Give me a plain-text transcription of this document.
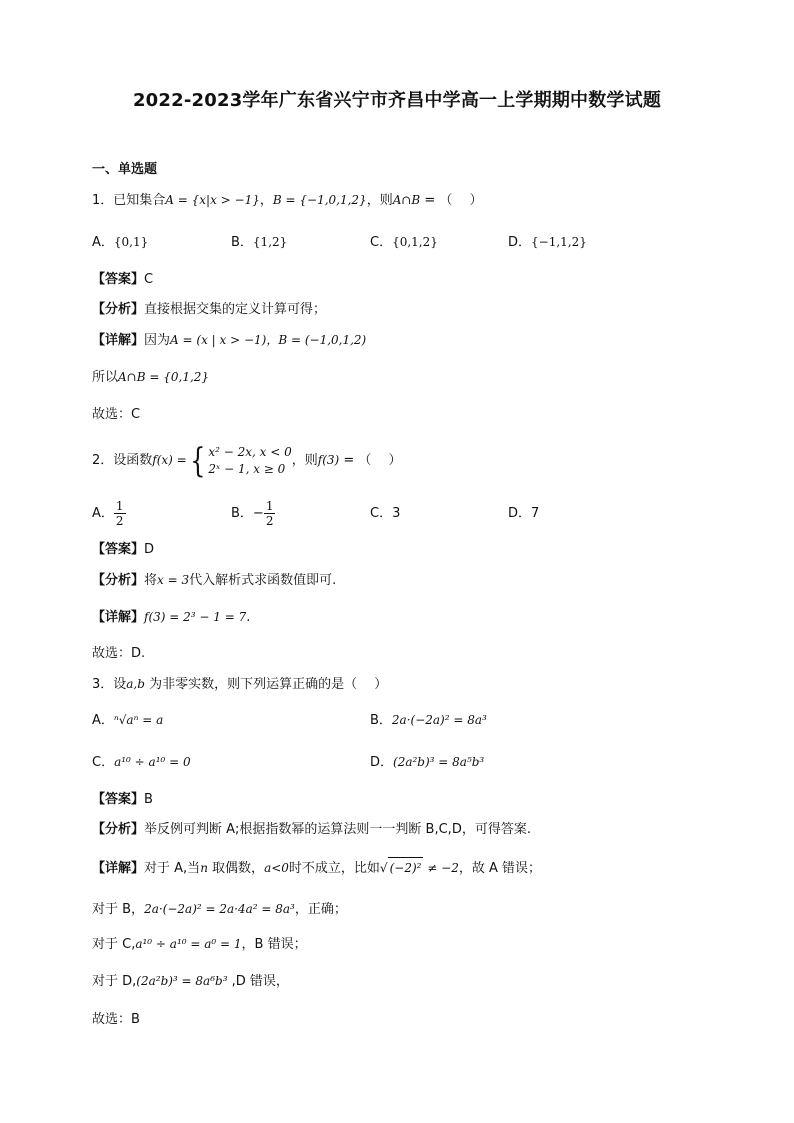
2022-2023学年广东省兴宁市齐昌中学高一上学期期中数学试题
一、单选题
1．已知集合A = {x|x > −1}，B = {−1,0,1,2}，则A∩B = （　 ）
A．{0,1}	B．{1,2}	C．{0,1,2}	D．{−1,1,2}
【答案】C
【分析】直接根据交集的定义计算可得；
【详解】因为A = (x | x > −1)，B = (−1,0,1,2)
所以A∩B = {0,1,2}
故选：C
2．设函数f(x) ={ x² − 2x, x < 0
2ˣ − 1, x ≥ 0
，则f(3) = （　 ）
A． $\frac{1}{2}$	B．− $\frac{1}{2}$	C．3	D．7
【答案】D
【分析】将x = 3代入解析式求函数值即可.
【详解】f(3) = 2³ − 1 = 7.
故选：D.
3．设a,b 为非零实数，则下列运算正确的是（　 ）
A．ⁿ√aⁿ = a	B．2a·(−2a)² = 8a³
C．a¹⁰ ÷ a¹⁰ = 0	D．(2a²b)³ = 8a⁵b³
【答案】B
【分析】举反例可判断 A;根据指数幂的运算法则一一判断 B,C,D，可得答案.
【详解】对于 A,当n 取偶数，a<0时不成立，比如√ (−2)² ≠ −2，故 A 错误；
对于 B，2a·(−2a)² = 2a·4a² = 8a³，正确；
对于 C,a¹⁰ ÷ a¹⁰ = a⁰ = 1，B 错误；
对于 D,(2a²b)³ = 8a⁶b³ ,D 错误，
故选：B
